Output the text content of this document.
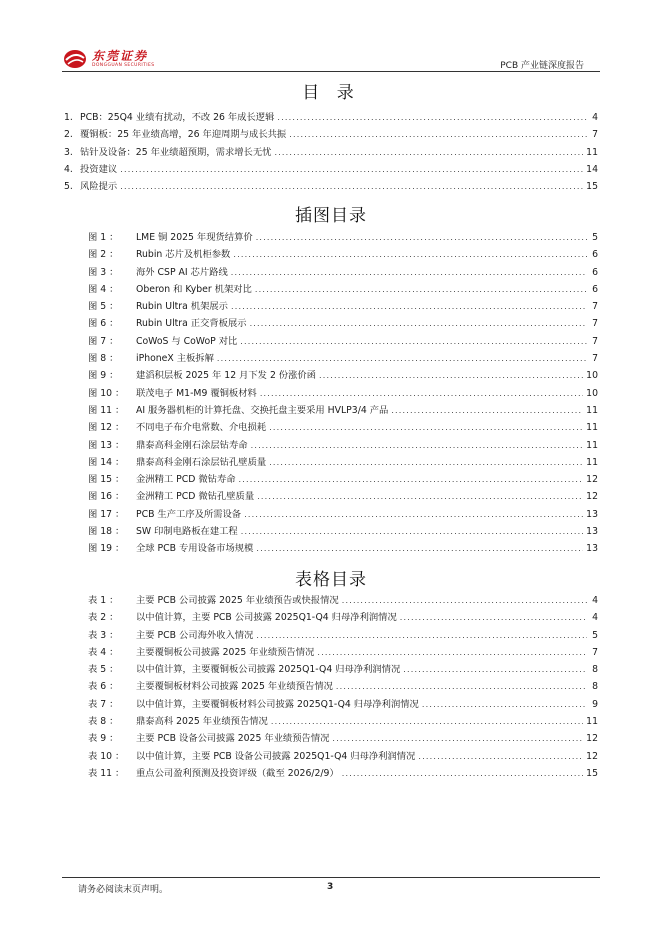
东莞证券
DONGGUAN SECURITIES	PCB 产业链深度报告
目 录
1. PCB：25Q4 业绩有扰动，不改 26 年成长逻辑 .....	4
2. 覆铜板：25 年业绩高增，26 年迎周期与成长共振 .....	7
3. 钻针及设备：25 年业绩超预期，需求增长无忧 .....	11
4. 投资建议 .....	14
5. 风险提示 .....	15
插图目录
图 1 ：	LME 铜 2025 年现货结算价 .....	5
图 2 ：	Rubin 芯片及机柜参数 .....	6
图 3 ：	海外 CSP AI 芯片路线 .....	6
图 4 ：	Oberon 和 Kyber 机架对比 .....	6
图 5 ：	Rubin Ultra 机架展示 .....	7
图 6 ：	Rubin Ultra 正交背板展示 .....	7
图 7 ：	CoWoS 与 CoWoP 对比 .....	7
图 8 ：	iPhoneX 主板拆解 .....	7
图 9 ：	建滔积层板 2025 年 12 月下发 2 份涨价函 .....	10
图 10 ：	联茂电子 M1-M9 覆铜板材料 .....	10
图 11 ：	AI 服务器机柜的计算托盘、交换托盘主要采用 HVLP3/4 产品 .....	11
图 12 ：	不同电子布介电常数、介电损耗 .....	11
图 13 ：	鼎泰高科金刚石涂层钻寿命 .....	11
图 14 ：	鼎泰高科金刚石涂层钻孔壁质量 .....	11
图 15 ：	金洲精工 PCD 微钻寿命 .....	12
图 16 ：	金洲精工 PCD 微钻孔壁质量 .....	12
图 17 ：	PCB 生产工序及所需设备 .....	13
图 18 ：	SW 印制电路板在建工程 .....	13
图 19 ：	全球 PCB 专用设备市场规模 .....	13
表格目录
表 1 ：	主要 PCB 公司披露 2025 年业绩预告或快报情况 .....	4
表 2 ：	以中值计算，主要 PCB 公司披露 2025Q1-Q4 归母净利润情况 .....	4
表 3 ：	主要 PCB 公司海外收入情况 .....	5
表 4 ：	主要覆铜板公司披露 2025 年业绩预告情况 .....	7
表 5 ：	以中值计算，主要覆铜板公司披露 2025Q1-Q4 归母净利润情况 .....	8
表 6 ：	主要覆铜板材料公司披露 2025 年业绩预告情况 .....	8
表 7 ：	以中值计算，主要覆铜板材料公司披露 2025Q1-Q4 归母净利润情况 .....	9
表 8 ：	鼎泰高科 2025 年业绩预告情况 .....	11
表 9 ：	主要 PCB 设备公司披露 2025 年业绩预告情况 .....	12
表 10 ：	以中值计算，主要 PCB 设备公司披露 2025Q1-Q4 归母净利润情况 .....	12
表 11 ：	重点公司盈利预测及投资评级（截至 2026/2/9） .....	15
请务必阅读末页声明。	3
